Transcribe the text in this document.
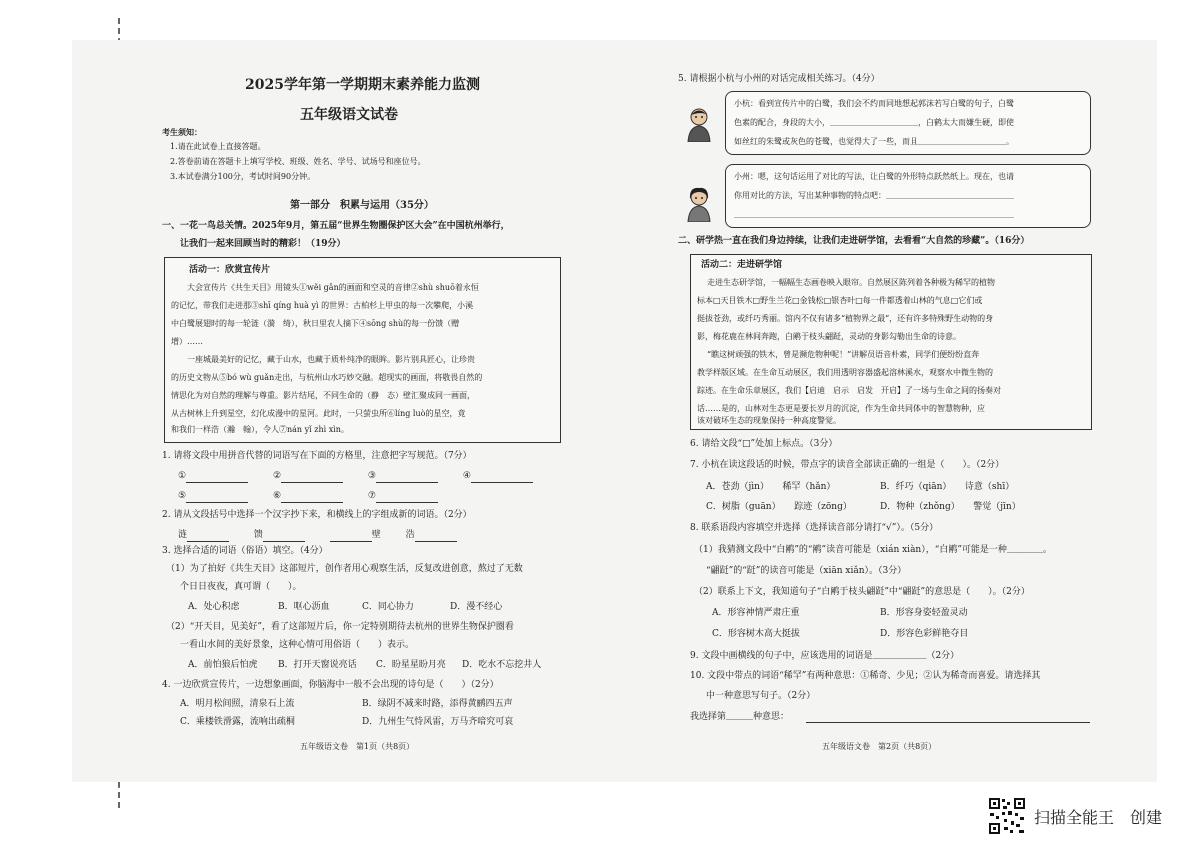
2025学年第一学期期末素养能力监测
五年级语文试卷
考生须知：
1.请在此试卷上直接答题。
2.答卷前请在答题卡上填写学校、班级、姓名、学号、试场号和座位号。
3.本试卷满分100分，考试时间90分钟。
第一部分　积累与运用（35分）
一、一花一鸟总关情。2025年9月，第五届“世界生物圈保护区大会”在中国杭州举行，
让我们一起来回顾当时的精彩！（19分）
活动一：欣赏宣传片
大会宣传片《共生天目》用镜头①wěi gǎn的画面和空灵的音律②shù shuō着永恒
的记忆，带我们走进那③shī qíng huà yì 的世界：古柏杉上甲虫的每一次攀爬，小溪
中白鹭展翅时的每一轮涟（漪　绮），秋日里农人摘下④sōng shù的每一份馈（赠
增）……
一座城最美好的记忆，藏于山水，也藏于质朴纯净的眼眸。影片别具匠心，让珍贵
的历史文物从⑤bó wù guǎn走出，与杭州山水巧妙交融。超现实的画面，将敬畏自然的
情思化为对自然的理解与尊重。影片结尾，不同生命的（静　态）壁汇聚成同一画面，
从古树林上升到星空，幻化成漫中的星河。此时，一只萤虫所⑥líng luò的星空，竟
和我们一样浩（瀚　翰），令人⑦nán yǐ zhì xìn。
1. 请将文段中用拼音代替的词语写在下面的方格里，注意把字写规范。（7分）
①	②	③	④
⑤	⑥	⑦
2. 请从文段括号中选择一个汉字抄下来，和横线上的字组成新的词语。（2分）
涟	馈	壁	浩
3. 选择合适的词语（俗语）填空。（4分）
（1）为了拍好《共生天目》这部短片，创作者用心观察生活，反复改进创意，熬过了无数
个日日夜夜，真可谓（　　）。
A．处心积虑	B．呕心沥血	C．同心协力	D．漫不经心
（2）“开天目，见美好”，看了这部短片后，你一定特别期待去杭州的世界生物保护圈看
一看山水间的美好景象，这种心情可用俗语（　　）表示。
A．前怕狼后怕虎 B．打开天窗说亮话 C．盼星星盼月亮 D．吃水不忘挖井人
4. 一边欣赏宣传片，一边想象画面，你脑海中一般不会出现的诗句是（　　）（2分）
A．明月松间照，清泉石上流	B．绿阴不减来时路，添得黄鹂四五声
C．乘楼铁滑露，流响出疏桐	D．九州生气恃风雷，万马齐喑究可哀
五年级语文卷　第1页（共8页）
5. 请根据小杭与小州的对话完成相关练习。（4分）
小杭：看到宣传片中的白鹭，我们会不约而同地想起郭沫若写白鹭的句子，白鹭
色素的配合，身段的大小，＿＿＿＿＿＿＿＿＿＿＿，白鹤太大而嫌生硬，即使
如丝红的朱鹭或灰色的苍鹭，也觉得大了一些，而且＿＿＿＿＿＿＿＿＿＿＿。
小州：嗯，这句话运用了对比的写法，让白鹭的外形特点跃然纸上。现在，也请
你用对比的方法，写出某种事物的特点吧：＿＿＿＿＿＿＿＿＿＿＿＿＿＿＿＿
＿＿＿＿＿＿＿＿＿＿＿＿＿＿＿＿＿＿＿＿＿＿＿＿＿＿＿＿＿＿＿＿＿＿＿
二、研学热一直在我们身边持续，让我们走进研学馆，去看看“大自然的珍藏”。（16分）
活动二：走进研学馆
走进生态研学馆，一幅幅生态画卷映入眼帘。自然展区陈列着各种极为稀罕的植物
标本□天目铁木□野生兰花□金钱松□银杏叶□每一件都透着山林的气息□它们或
挺拔苍劲，或纤巧秀丽。馆内不仅有诸多“植物界之最”，还有许多特殊野生动物的身
影，梅花鹿在林间奔跑，白鹇于枝头翩跹，灵动的身影勾勒出生命的诗意。
“瞧这树顽强的铁木，曾是濒危物种呢！”讲解员语音朴素，同学们便纷纷直奔
教学样版区域。在生命互动展区，我们用透明容器盛起溶林溪水，观察水中微生物的
踪迹。在生命乐章展区，我们【启迪　启示　启发　开启】了一场与生命之间的扬奏对
话……是的，山林对生态更是要长岁月的沉淀，作为生命共同体中的智慧物种，应
该对破坏生态的现象保持一种高度警觉。
6. 请给文段“□”处加上标点。（3分）
7. 小杭在读这段话的时候，带点字的读音全部读正确的一组是（　　）。（2分）
A．苍劲（jìn）　　稀罕（hǎn）	B．纤巧（qiān）　　诗意（shī）
C．树脂（guān）　　踪迹（zōng）	D．物种（zhǒng）　　警觉（jīn）
8. 联系语段内容填空并选择（选择读音部分请打“√”）。（5分）
（1）我猜测文段中“白鹇”的“鹇”读音可能是（xián xiàn），“白鹇”可能是一种＿＿＿＿。
“翩跹”的“跹”的读音可能是（xiān xiǎn）。（3分）
（2）联系上下文，我知道句子“白鹇于枝头翩跹”中“翩跹”的意思是（　　）。（2分）
A．形容神情严肃庄重	B．形容身姿轻盈灵动
C．形容树木高大挺拔	D．形容色彩鲜艳夺目
9. 文段中画横线的句子中，应该选用的词语是＿＿＿＿＿＿（2分）
10. 文段中带点的词语“稀罕”有两种意思：①稀奇、少见；②认为稀奇而喜爱。请选择其
中一种意思写句子。（2分）
我选择第＿＿＿种意思：
五年级语文卷　第2页（共8页）
扫描全能王　创建
